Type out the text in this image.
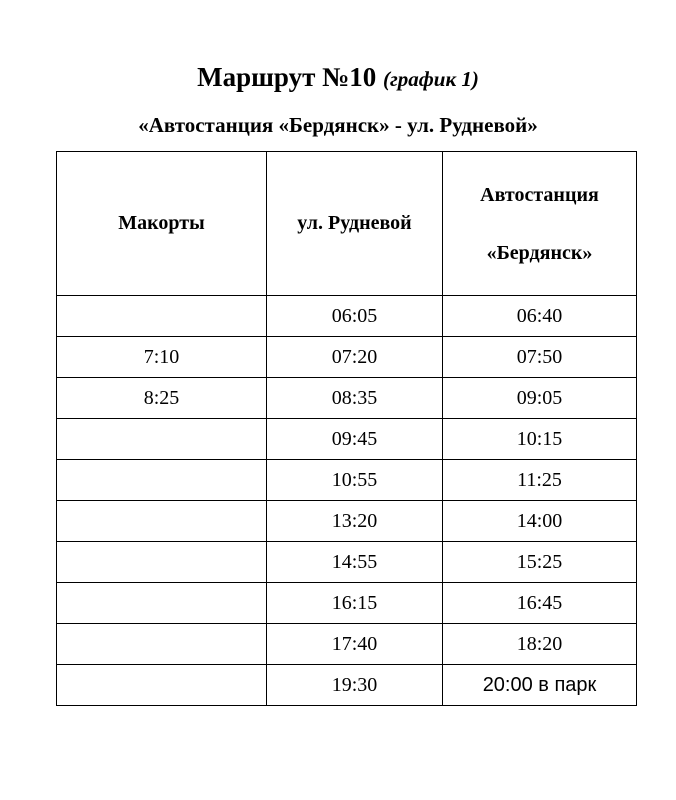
Маршрут №10 (график 1)
«Автостанция «Бердянск» - ул. Рудневой»
Макорты	ул. Рудневой	Автостанция
«Бердянск»
	06:05	06:40
7:10	07:20	07:50
8:25	08:35	09:05
	09:45	10:15
	10:55	11:25
	13:20	14:00
	14:55	15:25
	16:15	16:45
	17:40	18:20
	19:30	20:00 в парк
